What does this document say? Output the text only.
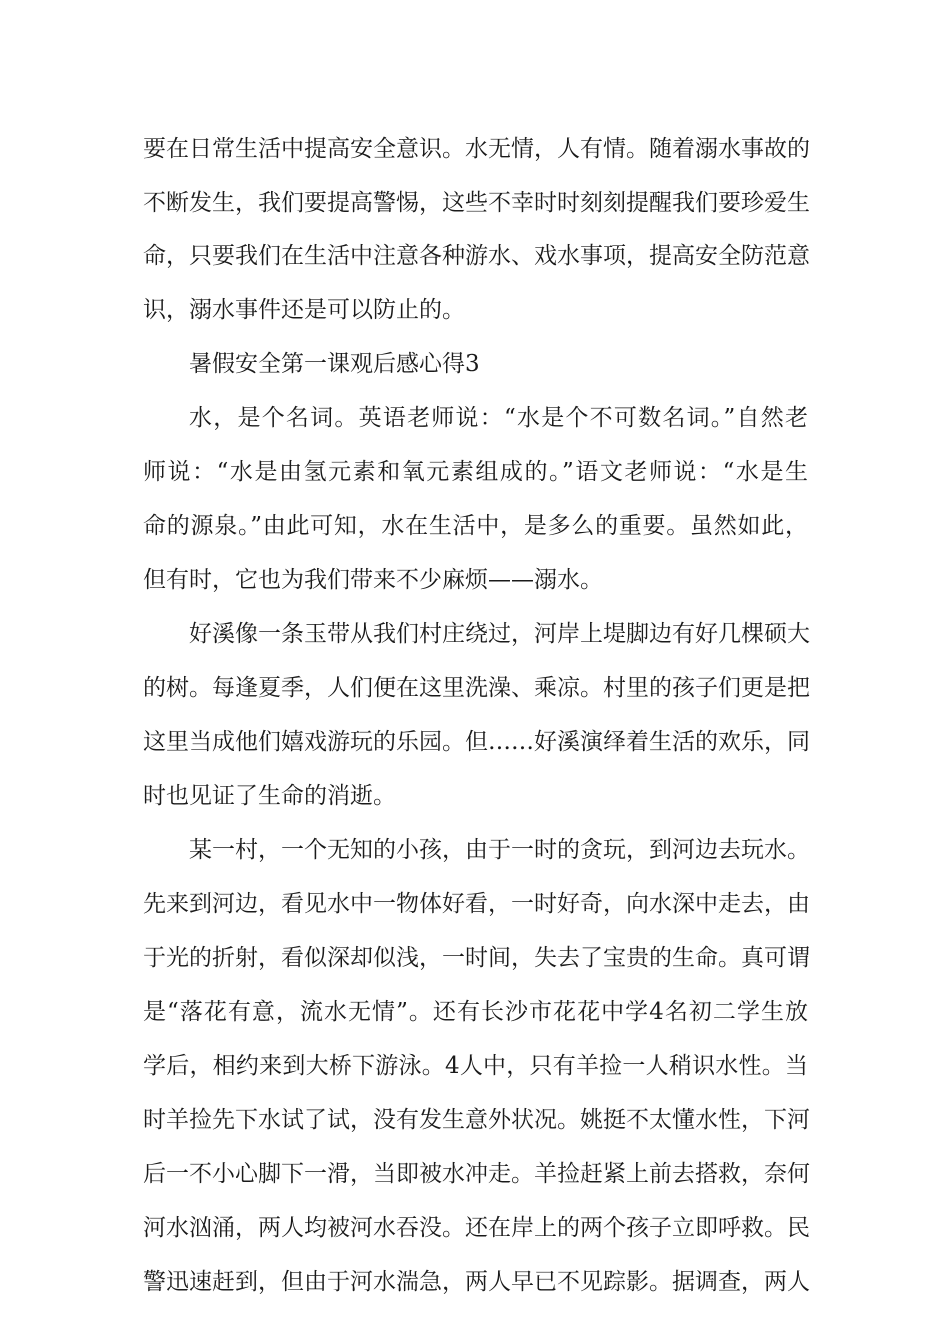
要在日常生活中提高安全意识。水无情，人有情。随着溺水事故的
不断发生，我们要提高警惕，这些不幸时时刻刻提醒我们要珍爱生
命，只要我们在生活中注意各种游水、戏水事项，提高安全防范意
识，溺水事件还是可以防止的。
暑假安全第一课观后感心得3
水，是个名词。英语老师说：“水是个不可数名词。”自然老
师说：“水是由氢元素和氧元素组成的。”语文老师说：“水是生
命的源泉。”由此可知，水在生活中，是多么的重要。虽然如此，
但有时，它也为我们带来不少麻烦——溺水。
好溪像一条玉带从我们村庄绕过，河岸上堤脚边有好几棵硕大
的树。每逢夏季，人们便在这里洗澡、乘凉。村里的孩子们更是把
这里当成他们嬉戏游玩的乐园。但……好溪演绎着生活的欢乐，同
时也见证了生命的消逝。
某一村，一个无知的小孩，由于一时的贪玩，到河边去玩水。
先来到河边，看见水中一物体好看，一时好奇，向水深中走去，由
于光的折射，看似深却似浅，一时间，失去了宝贵的生命。真可谓
是“落花有意，流水无情”。还有长沙市花花中学4名初二学生放
学后，相约来到大桥下游泳。4人中，只有羊捡一人稍识水性。当
时羊捡先下水试了试，没有发生意外状况。姚挺不太懂水性，下河
后一不小心脚下一滑，当即被水冲走。羊捡赶紧上前去搭救，奈何
河水汹涌，两人均被河水吞没。还在岸上的两个孩子立即呼救。民
警迅速赶到，但由于河水湍急，两人早已不见踪影。据调查，两人
